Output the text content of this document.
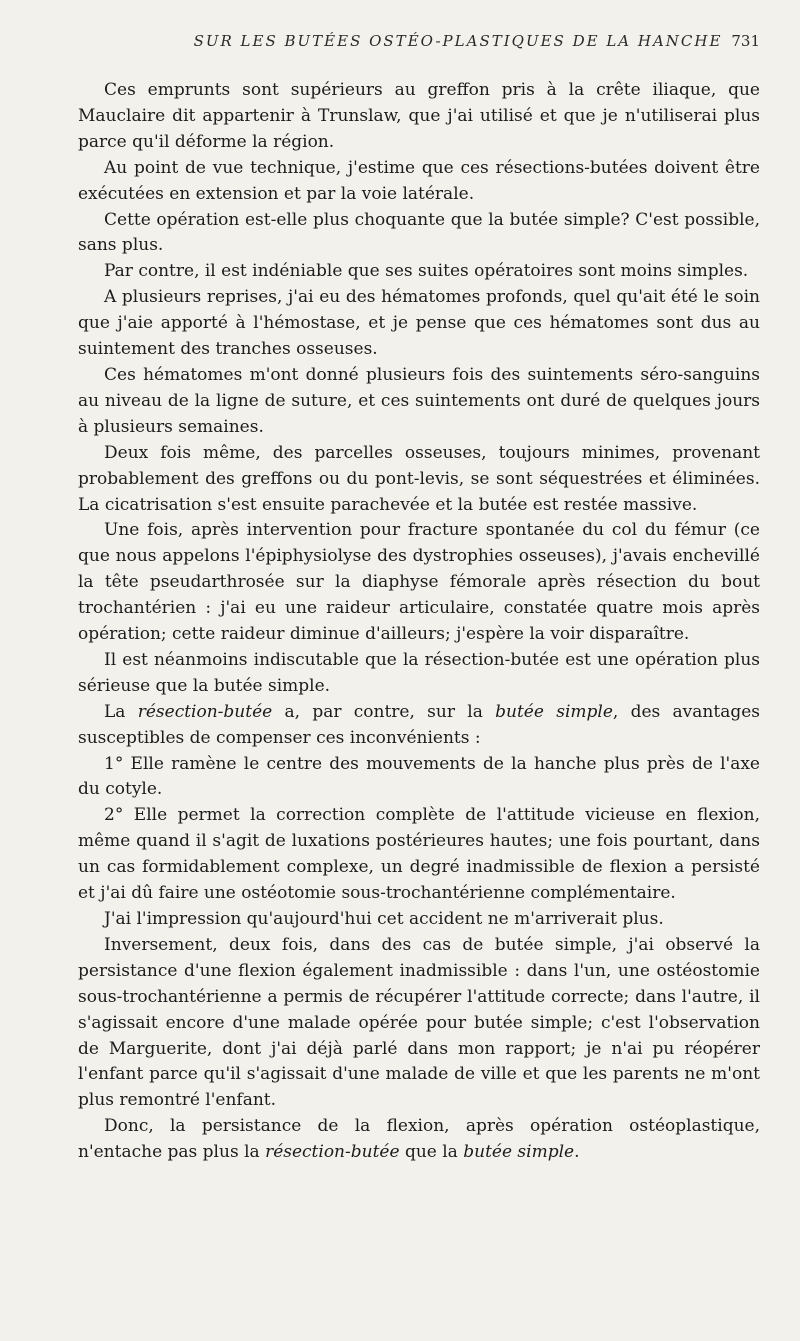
SUR LES BUTÉES OSTÉO-PLASTIQUES DE LA HANCHE 731

Ces emprunts sont supérieurs au greffon pris à la crête iliaque, que Mauclaire dit appartenir à Trunslaw, que j'ai utilisé et que je n'utiliserai plus parce qu'il déforme la région.

Au point de vue technique, j'estime que ces résections-butées doivent être exécutées en extension et par la voie latérale.

Cette opération est-elle plus choquante que la butée simple? C'est possible, sans plus.

Par contre, il est indéniable que ses suites opératoires sont moins simples.

A plusieurs reprises, j'ai eu des hématomes profonds, quel qu'ait été le soin que j'aie apporté à l'hémostase, et je pense que ces hématomes sont dus au suintement des tranches osseuses.

Ces hématomes m'ont donné plusieurs fois des suintements séro-sanguins au niveau de la ligne de suture, et ces suintements ont duré de quelques jours à plusieurs semaines.

Deux fois même, des parcelles osseuses, toujours minimes, provenant probablement des greffons ou du pont-levis, se sont séquestrées et éliminées. La cicatrisation s'est ensuite parachevée et la butée est restée massive.

Une fois, après intervention pour fracture spontanée du col du fémur (ce que nous appelons l'épiphysiolyse des dystrophies osseuses), j'avais enchevillé la tête pseudarthrosée sur la diaphyse fémorale après résection du bout trochantérien : j'ai eu une raideur articulaire, constatée quatre mois après opération; cette raideur diminue d'ailleurs; j'espère la voir disparaître.

Il est néanmoins indiscutable que la résection-butée est une opération plus sérieuse que la butée simple.

La résection-butée a, par contre, sur la butée simple, des avantages susceptibles de compenser ces inconvénients :

1° Elle ramène le centre des mouvements de la hanche plus près de l'axe du cotyle.

2° Elle permet la correction complète de l'attitude vicieuse en flexion, même quand il s'agit de luxations postérieures hautes; une fois pourtant, dans un cas formidablement complexe, un degré inadmissible de flexion a persisté et j'ai dû faire une ostéotomie sous-trochantérienne complémentaire.

J'ai l'impression qu'aujourd'hui cet accident ne m'arriverait plus.

Inversement, deux fois, dans des cas de butée simple, j'ai observé la persistance d'une flexion également inadmissible : dans l'un, une ostéostomie sous-trochantérienne a permis de récupérer l'attitude correcte; dans l'autre, il s'agissait encore d'une malade opérée pour butée simple; c'est l'observation de Marguerite, dont j'ai déjà parlé dans mon rapport; je n'ai pu réopérer l'enfant parce qu'il s'agissait d'une malade de ville et que les parents ne m'ont plus remontré l'enfant.

Donc, la persistance de la flexion, après opération ostéoplastique, n'entache pas plus la résection-butée que la butée simple.
